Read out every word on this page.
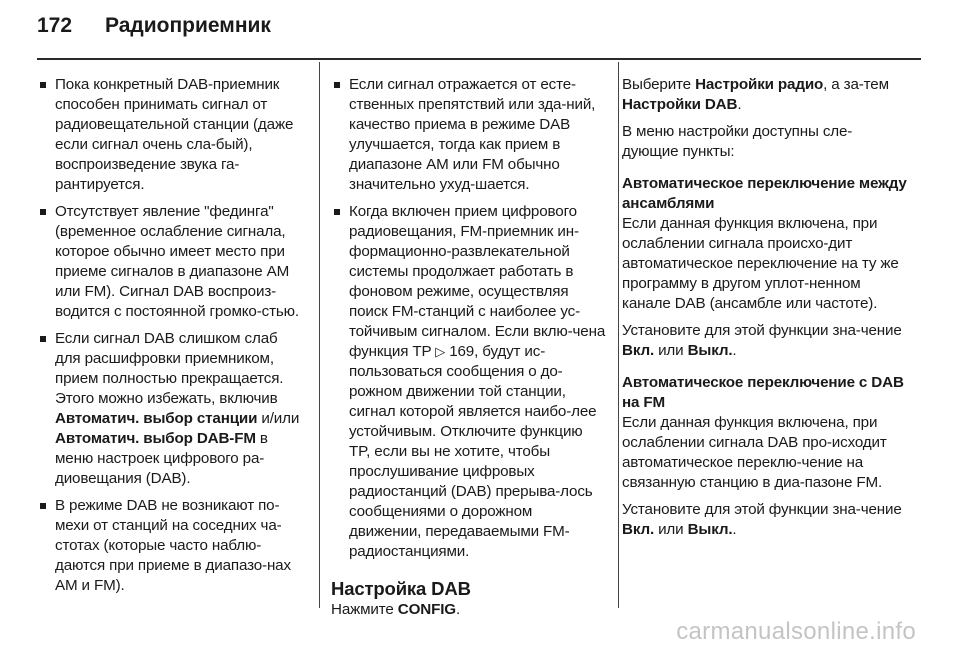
172 Радиоприемник
Пока конкретный DAB-приемник способен принимать сигнал от радиовещательной станции (даже если сигнал очень сла-бый), воспроизведение звука га-рантируется.
Отсутствует явление "фединга" (временное ослабление сигнала, которое обычно имеет место при приеме сигналов в диапазоне AM или FM). Сигнал DAB воспроиз-водится с постоянной громко-стью.
Если сигнал DAB слишком слаб для расшифровки приемником, прием полностью прекращается. Этого можно избежать, включив Автоматич. выбор станции и/или Автоматич. выбор DAB-FM в меню настроек цифрового ра-диовещания (DAB).
В режиме DAB не возникают по-мехи от станций на соседних ча-стотах (которые часто наблю-даются при приеме в диапазо-нах AM и FM).
Если сигнал отражается от есте-ственных препятствий или зда-ний, качество приема в режиме DAB улучшается, тогда как прием в диапазоне AM или FM обычно значительно ухуд-шается.
Когда включен прием цифрового радиовещания, FM-приемник ин-формационно-развлекательной системы продолжает работать в фоновом режиме, осуществляя поиск FM-станций с наиболее ус-тойчивым сигналом. Если вклю-чена функция TP ▷ 169, будут ис-пользоваться сообщения о до-рожном движении той станции, сигнал которой является наибо-лее устойчивым. Отключите функцию TP, если вы не хотите, чтобы прослушивание цифровых радиостанций (DAB) прерыва-лось сообщениями о дорожном движении, передаваемыми FM-радиостанциями.
Настройка DAB
Нажмите CONFIG.
Выберите Настройки радио, а за-тем Настройки DAB.
В меню настройки доступны сле-дующие пункты:
Автоматическое переключение между ансамблями
Если данная функция включена, при ослаблении сигнала происхо-дит автоматическое переключение на ту же программу в другом уплот-ненном канале DAB (ансамбле или частоте).
Установите для этой функции зна-чение Вкл. или Выкл..
Автоматическое переключение с DAB на FM
Если данная функция включена, при ослаблении сигнала DAB про-исходит автоматическое переклю-чение на связанную станцию в диа-пазоне FM.
Установите для этой функции зна-чение Вкл. или Выкл..
carmanualsonline.info
